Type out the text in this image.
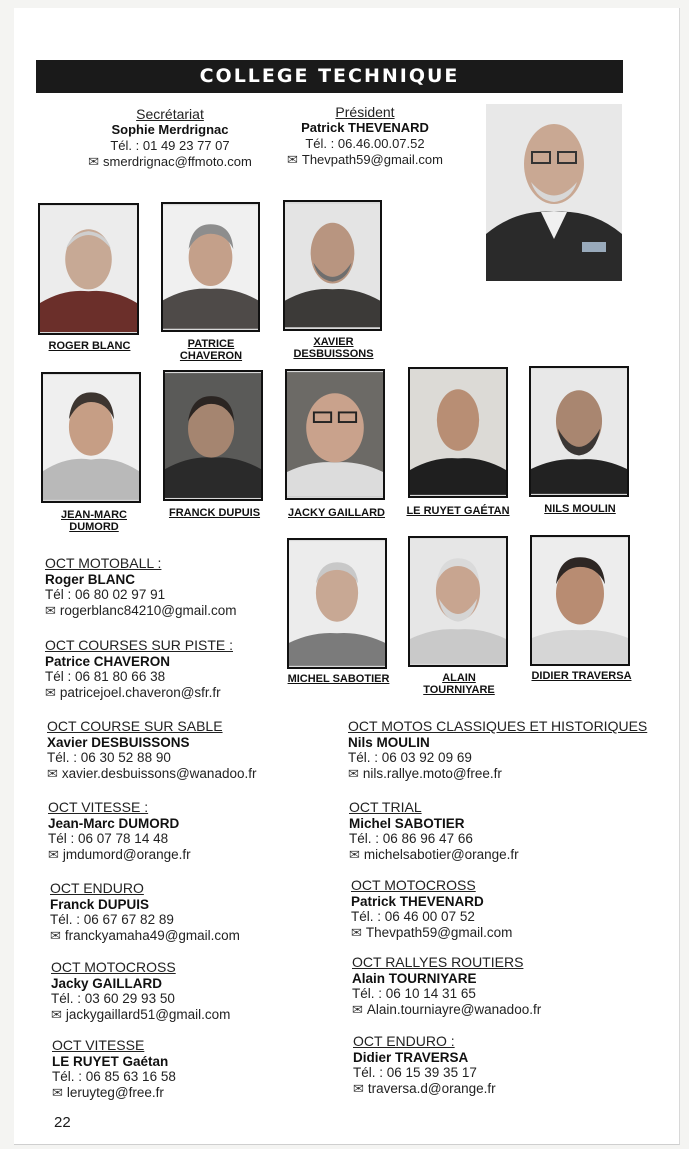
COLLEGE TECHNIQUE
Secrétariat
Sophie Merdrignac
Tél. : 01 49 23 77 07
✉ smerdrignac@ffmoto.com
Président
Patrick THEVENARD
Tél. : 06.46.00.07.52
✉ Thevpath59@gmail.com
ROGER BLANC	PATRICE CHAVERON
XAVIER DESBUISSONS
JEAN-MARC DUMORD
FRANCK DUPUIS	JACKY GAILLARD LE RUYET GAÉTAN	NILS MOULIN
MICHEL SABOTIER	ALAIN TOURNIYARE
DIDIER TRAVERSA
OCT MOTOBALL :
Roger BLANC
Tél : 06 80 02 97 91
✉ rogerblanc84210@gmail.com
OCT COURSES SUR PISTE :
Patrice CHAVERON
Tél : 06 81 80 66 38
✉ patricejoel.chaveron@sfr.fr
OCT COURSE SUR SABLE
Xavier DESBUISSONS
Tél. : 06 30 52 88 90
✉ xavier.desbuissons@wanadoo.fr
OCT VITESSE :
Jean-Marc DUMORD
Tél : 06 07 78 14 48
✉ jmdumord@orange.fr
OCT ENDURO
Franck DUPUIS
Tél. : 06 67 67 82 89
✉ franckyamaha49@gmail.com
OCT MOTOCROSS
Jacky GAILLARD
Tél. : 03 60 29 93 50
✉ jackygaillard51@gmail.com
OCT VITESSE
LE RUYET Gaétan
Tél. : 06 85 63 16 58
✉ leruyteg@free.fr
OCT MOTOS CLASSIQUES ET HISTORIQUES
Nils MOULIN
Tél. : 06 03 92 09 69
✉ nils.rallye.moto@free.fr
OCT TRIAL
Michel SABOTIER
Tél. : 06 86 96 47 66
✉ michelsabotier@orange.fr
OCT MOTOCROSS
Patrick THEVENARD
Tél. : 06 46 00 07 52
✉ Thevpath59@gmail.com
OCT RALLYES ROUTIERS
Alain TOURNIYARE
Tél. : 06 10 14 31 65
✉ Alain.tourniayre@wanadoo.fr
OCT ENDURO :
Didier TRAVERSA
Tél. : 06 15 39 35 17
✉ traversa.d@orange.fr
22
